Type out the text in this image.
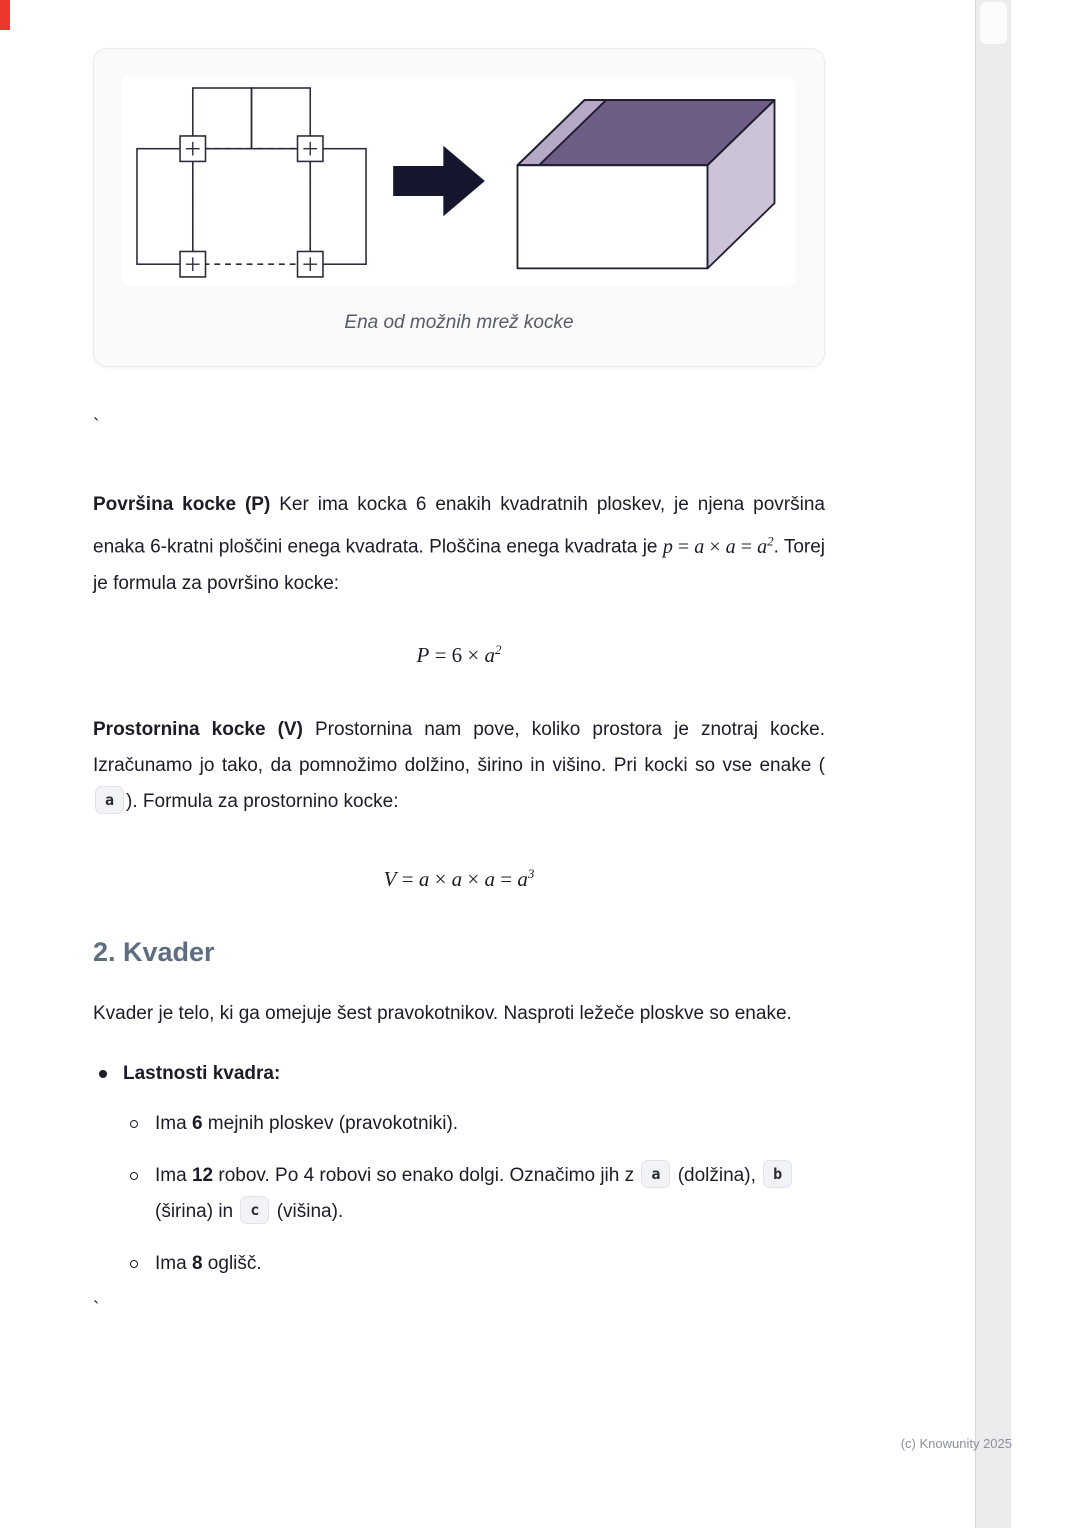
Ena od možnih mrež kocke
`

Površina kocke (P) Ker ima kocka 6 enakih kvadratnih ploskev, je njena površina enaka 6-kratni ploščini enega kvadrata. Ploščina enega kvadrata je $p = a \times a = a^2$. Torej je formula za površino kocke:

$P = 6 \times a^2$

Prostornina kocke (V) Prostornina nam pove, koliko prostora je znotraj kocke. Izračunamo jo tako, da pomnožimo dolžino, širino in višino. Pri kocki so vse enake (a ). Formula za prostornino kocke:

$V = a \times a \times a = a^3$
2. Kvader

Kvader je telo, ki ga omejuje šest pravokotnikov. Nasproti ležeče ploskve so enake.

Lastnosti kvadra:
Ima 6 mejnih ploskev (pravokotniki).
Ima 12 robov. Po 4 robovi so enako dolgi. Označimo jih z a (dolžina), b (širina) in c (višina).
Ima 8 oglišč.
`
(c) Knowunity 2025
